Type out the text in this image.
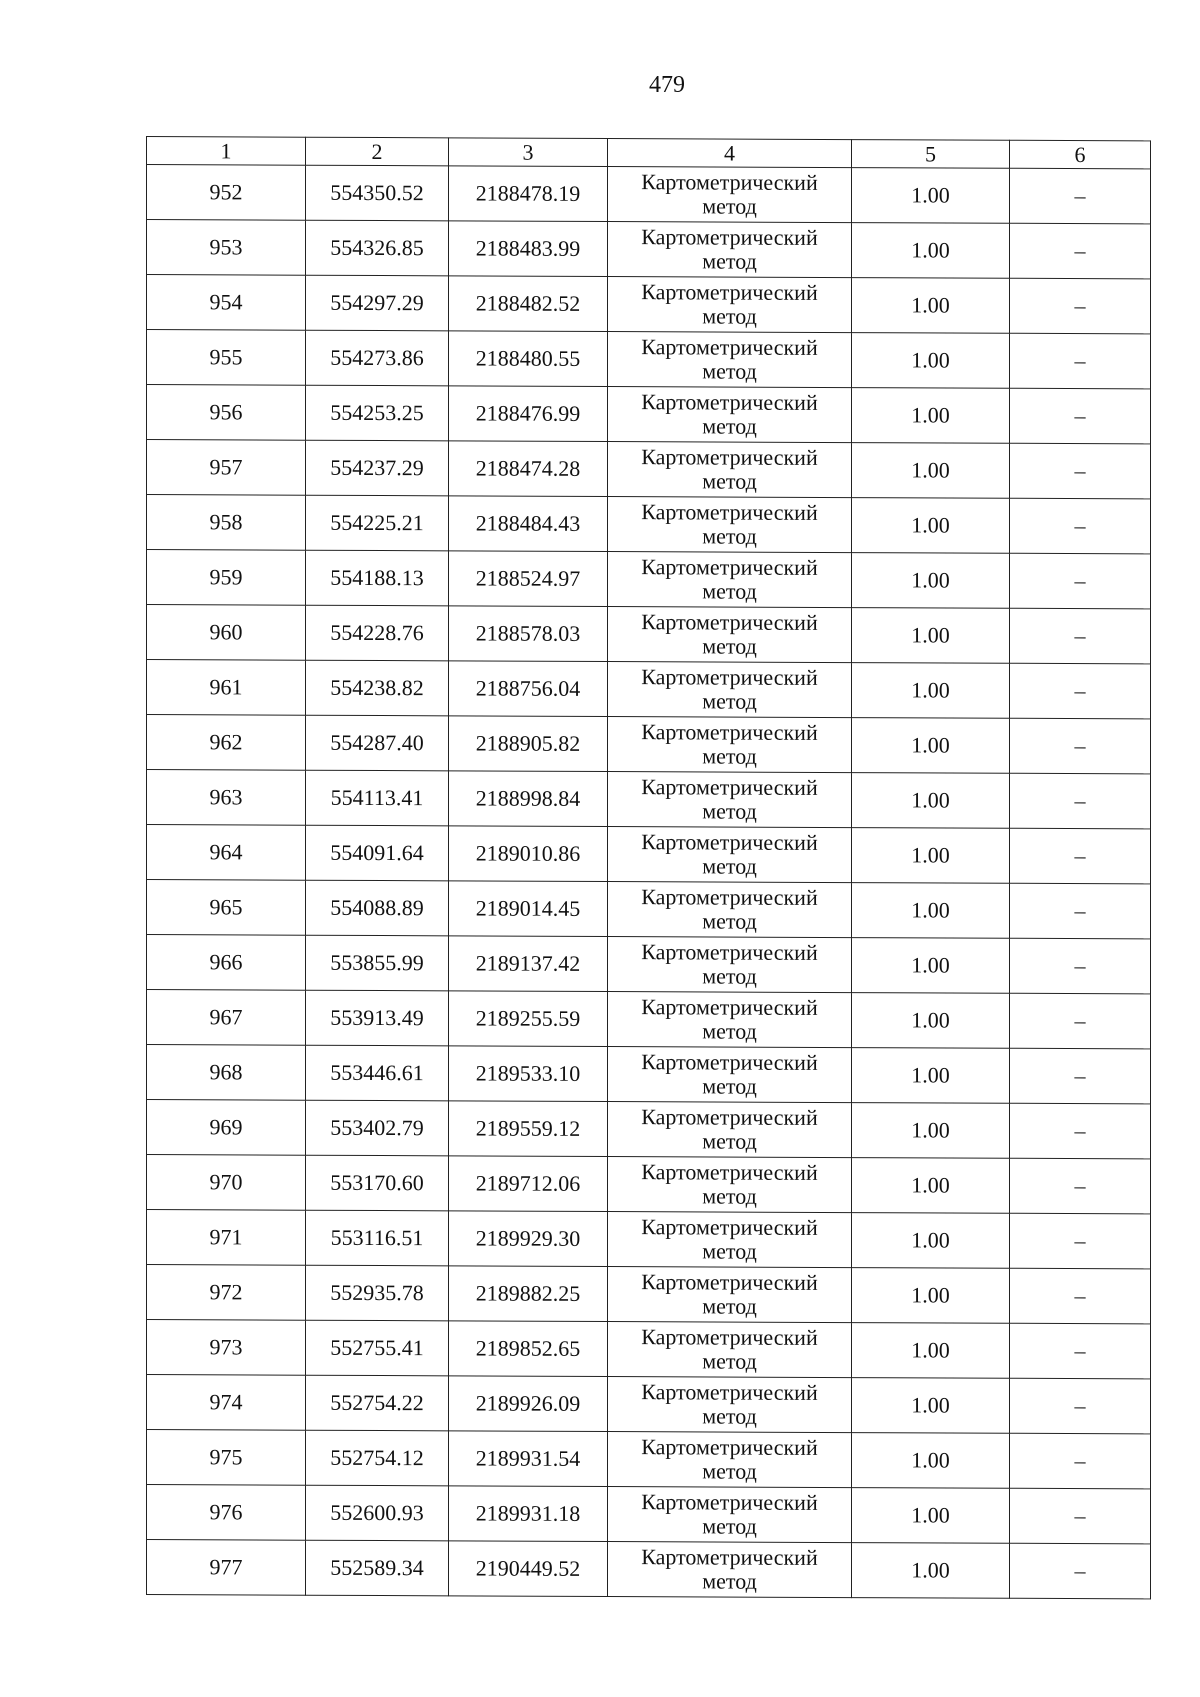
479
1	2	3	4	5	6
952	554350.52	2188478.19	Картометрический
метод	1.00	–
953	554326.85	2188483.99	Картометрический
метод	1.00	–
954	554297.29	2188482.52	Картометрический
метод	1.00	–
955	554273.86	2188480.55	Картометрический
метод	1.00	–
956	554253.25	2188476.99	Картометрический
метод	1.00	–
957	554237.29	2188474.28	Картометрический
метод	1.00	–
958	554225.21	2188484.43	Картометрический
метод	1.00	–
959	554188.13	2188524.97	Картометрический
метод	1.00	–
960	554228.76	2188578.03	Картометрический
метод	1.00	–
961	554238.82	2188756.04	Картометрический
метод	1.00	–
962	554287.40	2188905.82	Картометрический
метод	1.00	–
963	554113.41	2188998.84	Картометрический
метод	1.00	–
964	554091.64	2189010.86	Картометрический
метод	1.00	–
965	554088.89	2189014.45	Картометрический
метод	1.00	–
966	553855.99	2189137.42	Картометрический
метод	1.00	–
967	553913.49	2189255.59	Картометрический
метод	1.00	–
968	553446.61	2189533.10	Картометрический
метод	1.00	–
969	553402.79	2189559.12	Картометрический
метод	1.00	–
970	553170.60	2189712.06	Картометрический
метод	1.00	–
971	553116.51	2189929.30	Картометрический
метод	1.00	–
972	552935.78	2189882.25	Картометрический
метод	1.00	–
973	552755.41	2189852.65	Картометрический
метод	1.00	–
974	552754.22	2189926.09	Картометрический
метод	1.00	–
975	552754.12	2189931.54	Картометрический
метод	1.00	–
976	552600.93	2189931.18	Картометрический
метод	1.00	–
977	552589.34	2190449.52	Картометрический
метод	1.00	–
